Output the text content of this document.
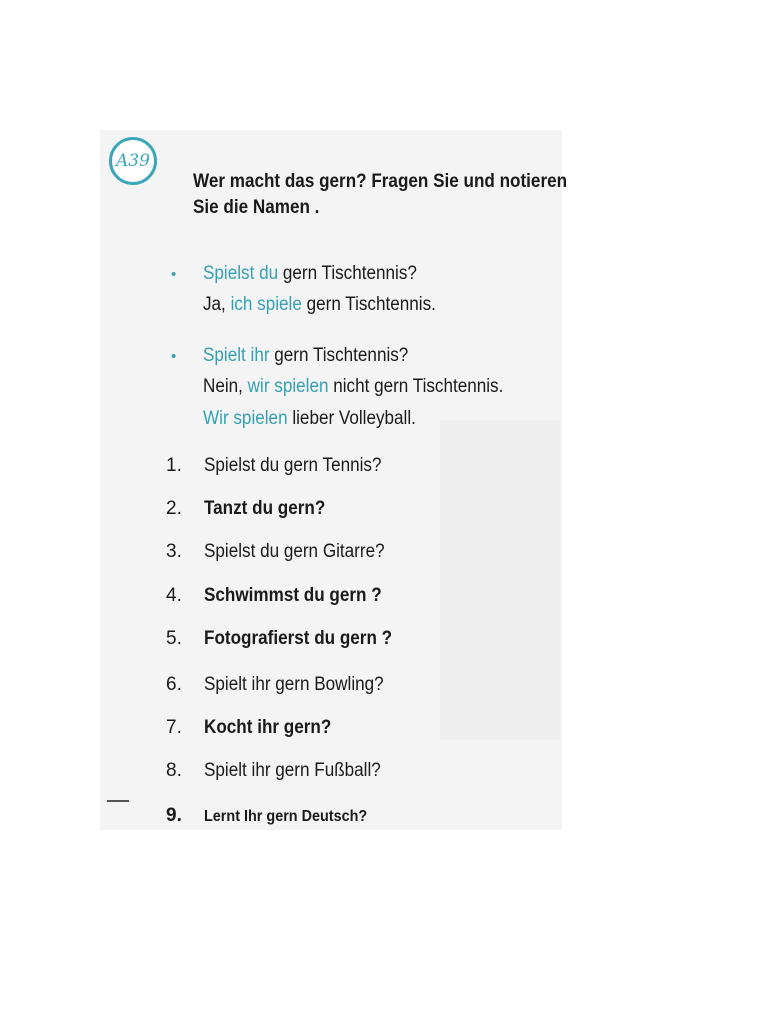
A39
Wer macht das gern? Fragen Sie und notieren Sie die Namen .
• Spielst du gern Tischtennis?
Ja, ich spiele gern Tischtennis.
• Spielt ihr gern Tischtennis?
Nein, wir spielen nicht gern Tischtennis.
Wir spielen lieber Volleyball.
1. Spielst du gern Tennis?
2. Tanzt du gern?
3. Spielst du gern Gitarre?
4. Schwimmst du gern ?
5. Fotografierst du gern ?
6. Spielt ihr gern Bowling?
7. Kocht ihr gern?
8. Spielt ihr gern Fußball?
9. Lernt Ihr gern Deutsch?
